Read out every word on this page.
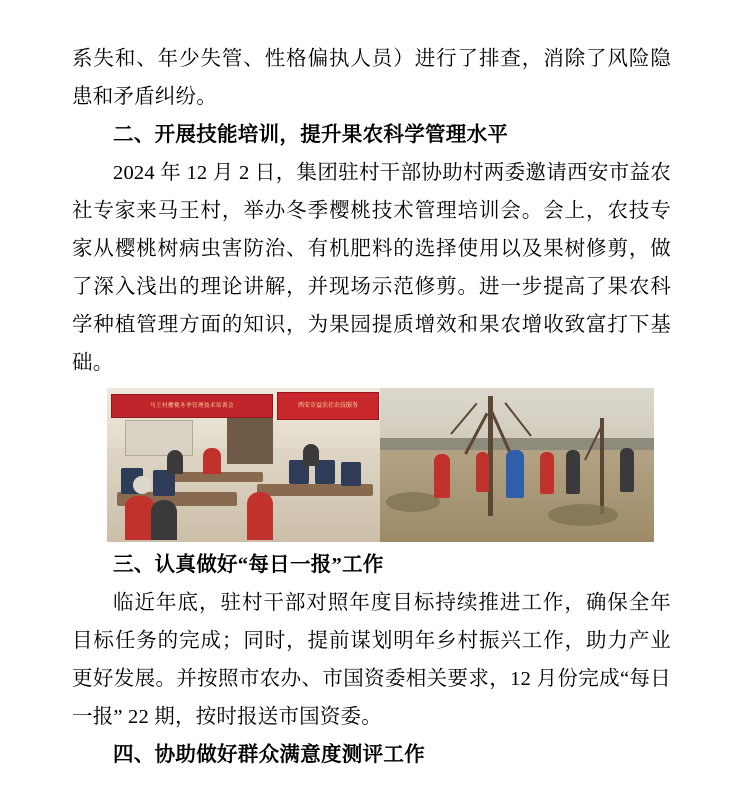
系失和、年少失管、性格偏执人员）进行了排查，消除了风险隐患和矛盾纠纷。

二、开展技能培训，提升果农科学管理水平

2024 年 12 月 2 日，集团驻村干部协助村两委邀请西安市益农社专家来马王村，举办冬季樱桃技术管理培训会。会上，农技专家从樱桃树病虫害防治、有机肥料的选择使用以及果树修剪，做了深入浅出的理论讲解，并现场示范修剪。进一步提高了果农科学种植管理方面的知识，为果园提质增效和果农增收致富打下基础。

马王村樱桃冬季管理技术培训会	西安市益农社农技服务

三、认真做好“每日一报”工作

临近年底，驻村干部对照年度目标持续推进工作，确保全年目标任务的完成；同时，提前谋划明年乡村振兴工作，助力产业更好发展。并按照市农办、市国资委相关要求，12 月份完成“每日一报” 22 期，按时报送市国资委。

四、协助做好群众满意度测评工作
